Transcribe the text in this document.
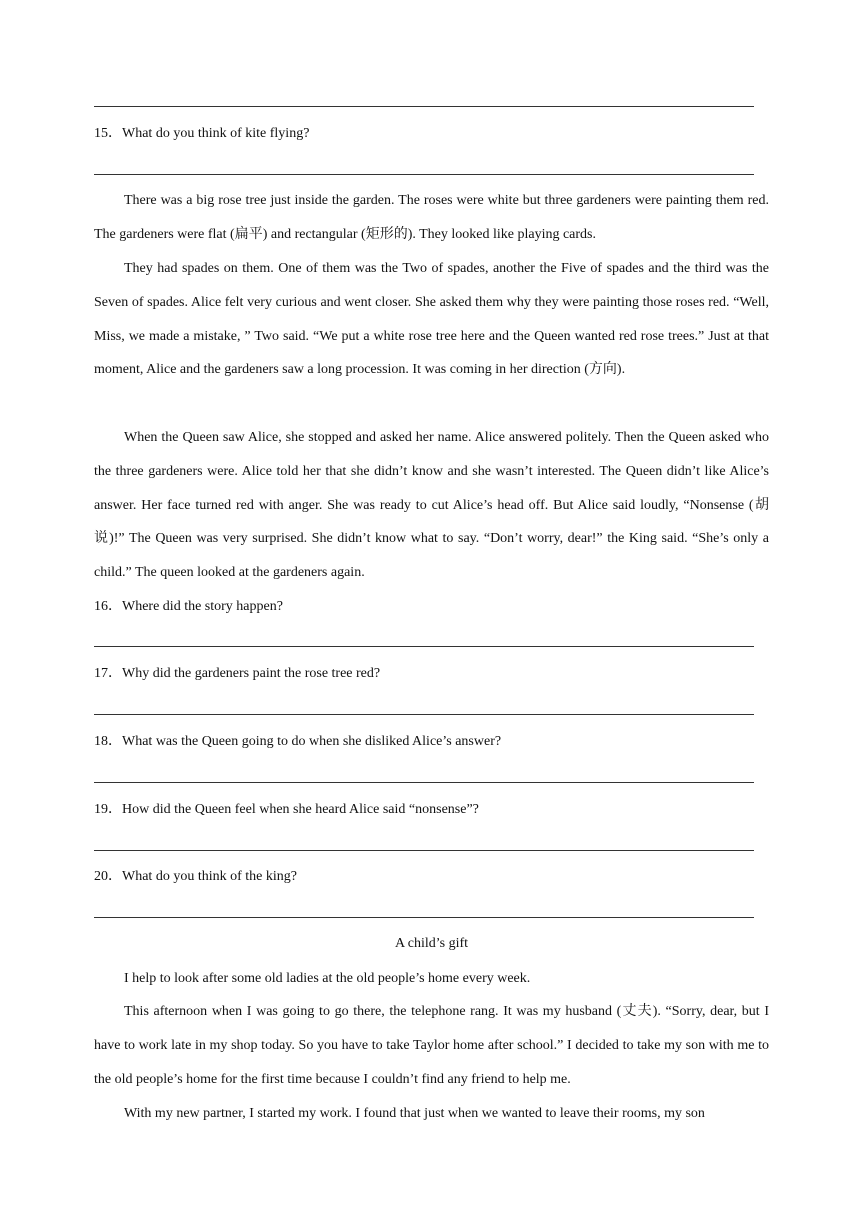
15．What do you think of kite flying?

There was a big rose tree just inside the garden. The roses were white but three gardeners were painting them red. The gardeners were flat (扁平) and rectangular (矩形的). They looked like playing cards.

They had spades on them. One of them was the Two of spades, another the Five of spades and the third was the Seven of spades. Alice felt very curious and went closer. She asked them why they were painting those roses red. “Well, Miss, we made a mistake, ” Two said. “We put a white rose tree here and the Queen wanted red rose trees.” Just at that moment, Alice and the gardeners saw a long procession. It was coming in her direction (方向).

When the Queen saw Alice, she stopped and asked her name. Alice answered politely. Then the Queen asked who the three gardeners were. Alice told her that she didn’t know and she wasn’t interested. The Queen didn’t like Alice’s answer. Her face turned red with anger. She was ready to cut Alice’s head off. But Alice said loudly, “Nonsense (胡说)!” The Queen was very surprised. She didn’t know what to say. “Don’t worry, dear!” the King said. “She’s only a child.” The queen looked at the gardeners again.

16．Where did the story happen?
17．Why did the gardeners paint the rose tree red?
18．What was the Queen going to do when she disliked Alice’s answer?
19．How did the Queen feel when she heard Alice said “nonsense”?
20．What do you think of the king?
A child’s gift

I help to look after some old ladies at the old people’s home every week.

This afternoon when I was going to go there, the telephone rang. It was my husband (丈夫). “Sorry, dear, but I have to work late in my shop today. So you have to take Taylor home after school.” I decided to take my son with me to the old people’s home for the first time because I couldn’t find any friend to help me.

With my new partner, I started my work. I found that just when we wanted to leave their rooms, my son
